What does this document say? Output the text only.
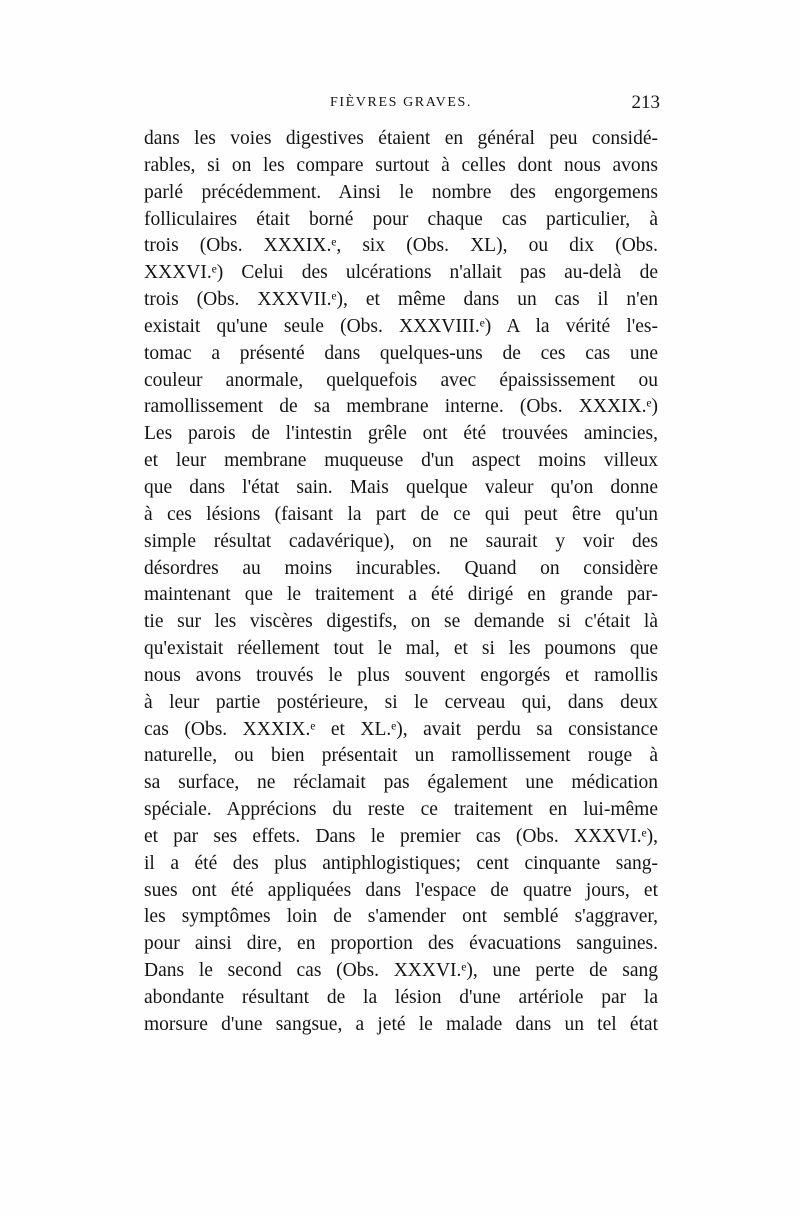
FIÈVRES GRAVES.	213
dans les voies digestives étaient en général peu considé-
rables, si on les compare surtout à celles dont nous avons
parlé précédemment. Ainsi le nombre des engorgemens
folliculaires était borné pour chaque cas particulier, à
trois (Obs. XXXIX.ᵉ, six (Obs. XL), ou dix (Obs.
XXXVI.ᵉ) Celui des ulcérations n'allait pas au-delà de
trois (Obs. XXXVII.ᵉ), et même dans un cas il n'en
existait qu'une seule (Obs. XXXVIII.ᵉ) A la vérité l'es-
tomac a présenté dans quelques-uns de ces cas une
couleur anormale, quelquefois avec épaississement ou
ramollissement de sa membrane interne. (Obs. XXXIX.ᵉ)
Les parois de l'intestin grêle ont été trouvées amincies,
et leur membrane muqueuse d'un aspect moins villeux
que dans l'état sain. Mais quelque valeur qu'on donne
à ces lésions (faisant la part de ce qui peut être qu'un
simple résultat cadavérique), on ne saurait y voir des
désordres au moins incurables. Quand on considère
maintenant que le traitement a été dirigé en grande par-
tie sur les viscères digestifs, on se demande si c'était là
qu'existait réellement tout le mal, et si les poumons que
nous avons trouvés le plus souvent engorgés et ramollis
à leur partie postérieure, si le cerveau qui, dans deux
cas (Obs. XXXIX.ᵉ et XL.ᵉ), avait perdu sa consistance
naturelle, ou bien présentait un ramollissement rouge à
sa surface, ne réclamait pas également une médication
spéciale. Apprécions du reste ce traitement en lui-même
et par ses effets. Dans le premier cas (Obs. XXXVI.ᵉ),
il a été des plus antiphlogistiques; cent cinquante sang-
sues ont été appliquées dans l'espace de quatre jours, et
les symptômes loin de s'amender ont semblé s'aggraver,
pour ainsi dire, en proportion des évacuations sanguines.
Dans le second cas (Obs. XXXVI.ᵉ), une perte de sang
abondante résultant de la lésion d'une artériole par la
morsure d'une sangsue, a jeté le malade dans un tel état
